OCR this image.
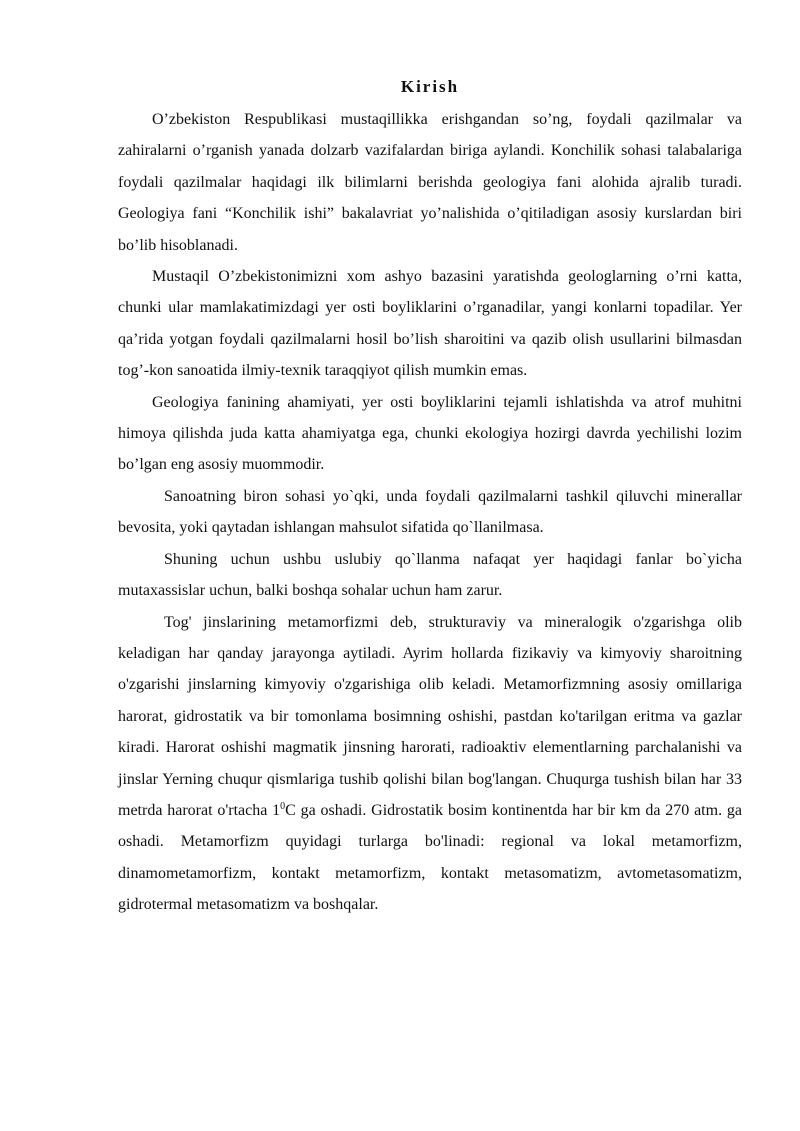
Kirish

O’zbekiston Respublikasi mustaqillikka erishgandan so’ng, foydali qazilmalar va zahiralarni o’rganish yanada dolzarb vazifalardan biriga aylandi. Konchilik sohasi talabalariga foydali qazilmalar haqidagi ilk bilimlarni berishda geologiya fani alohida ajralib turadi. Geologiya fani “Konchilik ishi” bakalavriat yo’nalishida o’qitiladigan asosiy kurslardan biri bo’lib hisoblanadi.

Mustaqil O’zbekistonimizni xom ashyo bazasini yaratishda geologlarning o’rni katta, chunki ular mamlakatimizdagi yer osti boyliklarini o’rganadilar, yangi konlarni topadilar. Yer qa’rida yotgan foydali qazilmalarni hosil bo’lish sharoitini va qazib olish usullarini bilmasdan tog’-kon sanoatida ilmiy-texnik taraqqiyot qilish mumkin emas.

Geologiya fanining ahamiyati, yer osti boyliklarini tejamli ishlatishda va atrof muhitni himoya qilishda juda katta ahamiyatga ega, chunki ekologiya hozirgi davrda yechilishi lozim bo’lgan eng asosiy muommodir.

Sanoatning biron sohasi yo`qki, unda foydali qazilmalarni tashkil qiluvchi minerallar bevosita, yoki qaytadan ishlangan mahsulot sifatida qo`llanilmasa.

Shuning uchun ushbu uslubiy qo`llanma nafaqat yer haqidagi fanlar bo`yicha mutaxassislar uchun, balki boshqa sohalar uchun ham zarur.

Tog' jinslarining metamorfizmi deb, strukturaviy va mineralogik o'zgarishga olib keladigan har qanday jarayonga aytiladi. Ayrim hollarda fizikaviy va kimyoviy sharoitning o'zgarishi jinslarning kimyoviy o'zgarishiga olib keladi. Metamorfizmning asosiy omillariga harorat, gidrostatik va bir tomonlama bosimning oshishi, pastdan ko'tarilgan eritma va gazlar kiradi. Harorat oshishi magmatik jinsning harorati, radioaktiv elementlarning parchalanishi va jinslar Yerning chuqur qismlariga tushib qolishi bilan bog'langan. Chuqurga tushish bilan har 33 metrda harorat o'rtacha $1^0C$ ga oshadi. Gidrostatik bosim kontinentda har bir km da 270 atm. ga oshadi. Metamorfizm quyidagi turlarga bo'linadi: regional va lokal metamorfizm, dinamometamorfizm, kontakt metamorfizm, kontakt metasomatizm, avtometasomatizm, gidrotermal metasomatizm va boshqalar.
